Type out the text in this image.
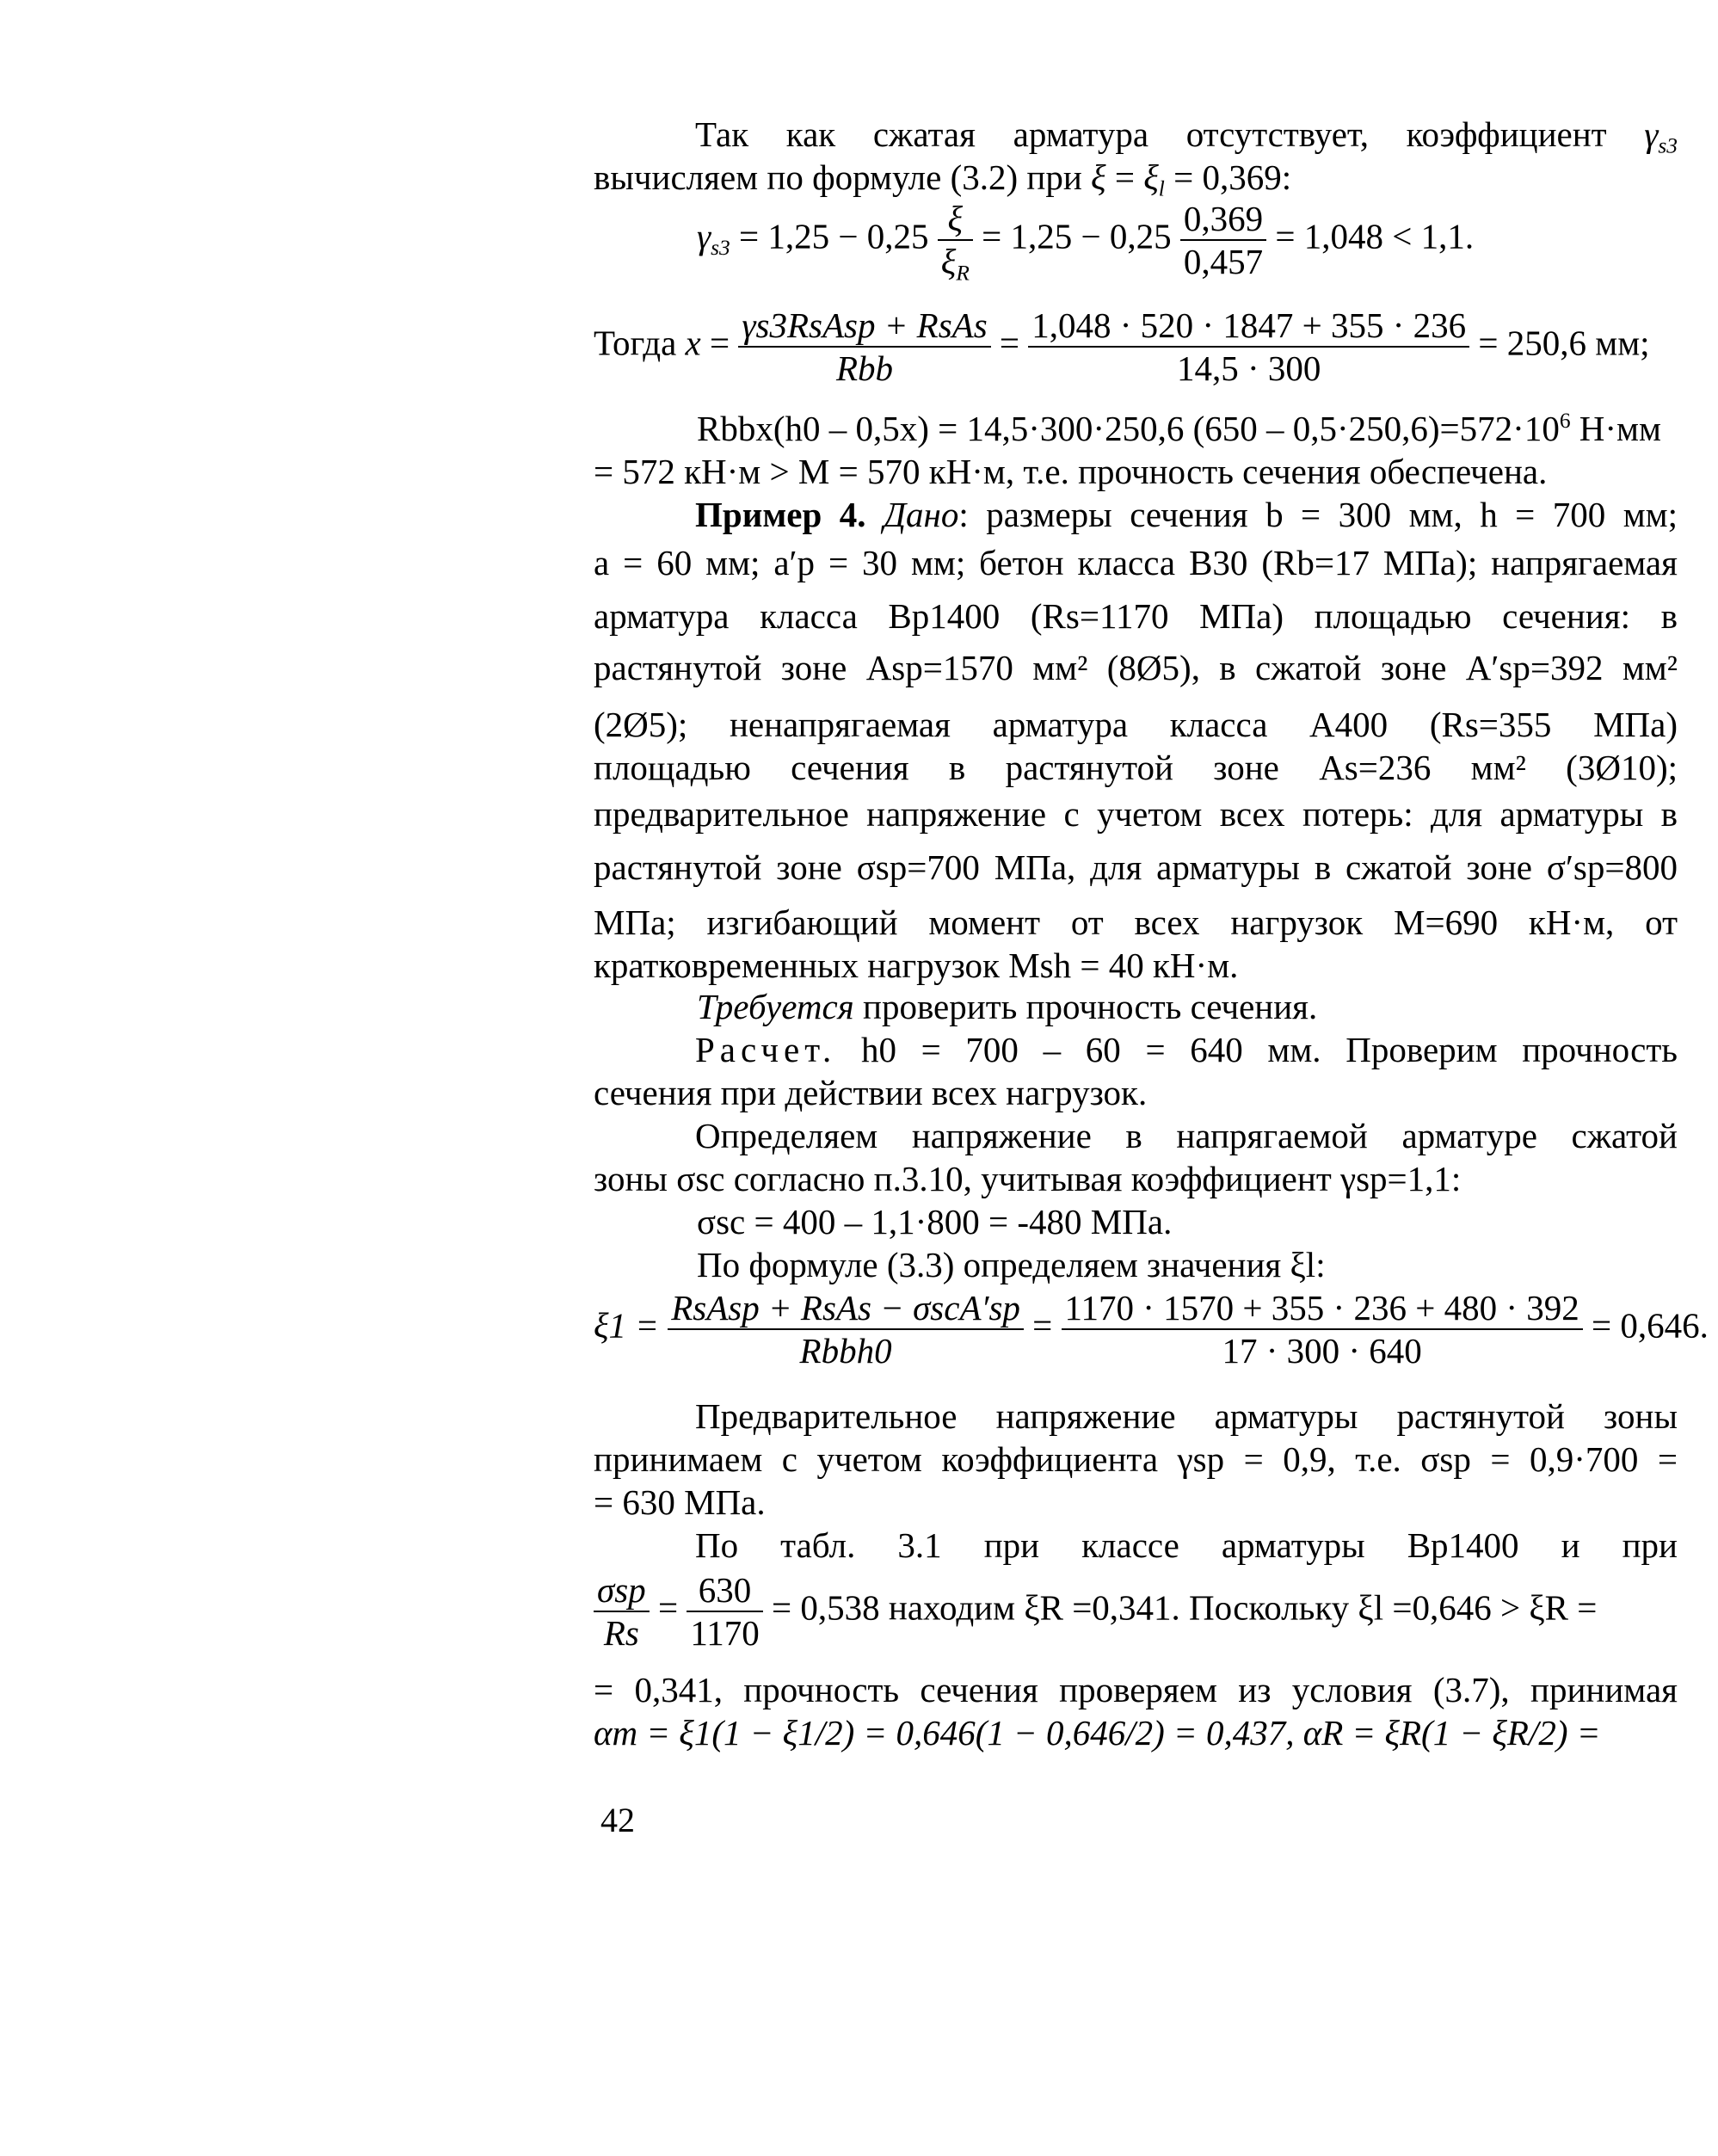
Так как сжатая арматура отсутствует, коэффициент $\gamma_{s3}$
вычисляем по формуле (3.2) при $\xi = \xi_l = 0,369$:
$\gamma_{s3} = 1,25 - 0,25 \frac{\xi}{\xi_R} = 1,25 - 0,25 \frac{0,369}{0,457} = 1,048 < 1,1$.
Тогда $x = \frac{\text{γs3RsAsp + RsAs}}{\text{Rbb}} = \frac{1,048 \cdot 520 \cdot 1847 + 355 \cdot 236}{14,5 \cdot 300} = 250,6$ мм;
Rbbx(h0 – 0,5x) = 14,5·300·250,6 $(650 - 0,5\cdot 250,6)=572\cdot 10^6$ Н·мм
= 572 кН·м > M = 570 кН·м, т.е. прочность сечения обеспечена.
Пример 4. Дано: размеры сечения b = 300 мм, h = 700 мм;
a = 60 мм; a′p = 30 мм; бетон класса B30 (Rb=17 МПа); напрягаемая
арматура класса Bp1400 (Rs=1170 МПа) площадью сечения: в
растянутой зоне Asp=1570 мм² (8Ø5), в сжатой зоне A′sp=392 мм²
(2Ø5); ненапрягаемая арматура класса A400 (Rs=355 МПа)
площадью сечения в растянутой зоне As=236 мм² (3Ø10);
предварительное напряжение с учетом всех потерь: для арматуры в
растянутой зоне σsp=700 МПа, для арматуры в сжатой зоне σ′sp=800
МПа; изгибающий момент от всех нагрузок M=690 кН·м, от
кратковременных нагрузок Msh = 40 кН·м.
Требуется проверить прочность сечения.
Расчет. h0 = 700 – 60 = 640 мм. Проверим прочность
сечения при действии всех нагрузок.
Определяем напряжение в напрягаемой арматуре сжатой
зоны σsc согласно п.3.10, учитывая коэффициент γsp=1,1:
σsc = 400 – 1,1·800 = -480 МПа.
По формуле (3.3) определяем значения ξl:
$\xi 1 = \frac{\text{RsAsp + RsAs − σscA′sp}}{\text{Rbbh0}} = \frac{1170 \cdot 1570 + 355 \cdot 236 + 480 \cdot 392}{17 \cdot 300 \cdot 640} = 0,646$.
Предварительное напряжение арматуры растянутой зоны
принимаем с учетом коэффициента γsp = 0,9, т.е. σsp = 0,9·700 =
= 630 МПа.
По табл. 3.1 при классе арматуры Bp1400 и при
$\frac{\text{σsp}}{Rs} = \frac{630}{1170} = 0,538$ находим ξR =0,341. Поскольку ξl =0,646 > ξR =
= 0,341, прочность сечения проверяем из условия (3.7), принимая
αm = ξ1(1 − ξ1/2) = 0,646(1 − 0,646/2) = 0,437, αR = ξR(1 − ξR/2) =
42
